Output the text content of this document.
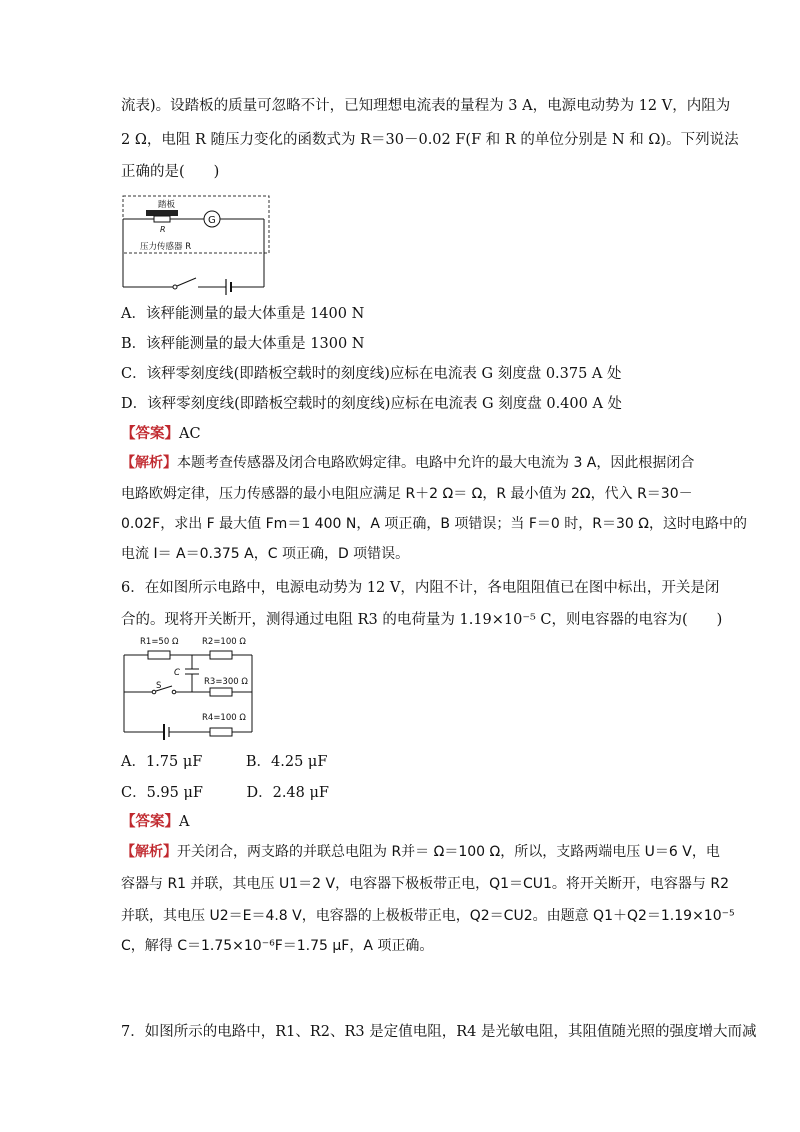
流表)。设踏板的质量可忽略不计，已知理想电流表的量程为 3 A，电源电动势为 12 V，内阻为
2 Ω，电阻 R 随压力变化的函数式为 R＝30－0.02 F(F 和 R 的单位分别是 N 和 Ω)。下列说法
正确的是(　　)
踏板
R
G
压力传感器 R
A．该秤能测量的最大体重是 1400 N
B．该秤能测量的最大体重是 1300 N
C．该秤零刻度线(即踏板空载时的刻度线)应标在电流表 G 刻度盘 0.375 A 处
D．该秤零刻度线(即踏板空载时的刻度线)应标在电流表 G 刻度盘 0.400 A 处
【答案】AC
【解析】本题考查传感器及闭合电路欧姆定律。电路中允许的最大电流为 3 A，因此根据闭合
电路欧姆定律，压力传感器的最小电阻应满足 R＋2 Ω＝ Ω，R 最小值为 2Ω，代入 R＝30－
0.02F，求出 F 最大值 Fm＝1 400 N，A 项正确，B 项错误；当 F＝0 时，R＝30 Ω，这时电路中的
电流 I＝ A＝0.375 A，C 项正确，D 项错误。
6．在如图所示电路中，电源电动势为 12 V，内阻不计，各电阻阻值已在图中标出，开关是闭
合的。现将开关断开，测得通过电阻 R3 的电荷量为 1.19×10⁻⁵ C，则电容器的电容为(　　)
R1=50 Ω	R2=100 Ω
C
R3=300 Ω
S
R4=100 Ω
A．1.75 μF　　　B．4.25 μF
C．5.95 μF　　　D．2.48 μF
【答案】A
【解析】开关闭合，两支路的并联总电阻为 R并＝ Ω＝100 Ω，所以，支路两端电压 U＝6 V，电
容器与 R1 并联，其电压 U1＝2 V，电容器下极板带正电，Q1＝CU1。将开关断开，电容器与 R2
并联，其电压 U2＝E＝4.8 V，电容器的上极板带正电，Q2＝CU2。由题意 Q1＋Q2＝1.19×10⁻⁵
C，解得 C＝1.75×10⁻⁶F＝1.75 μF，A 项正确。
7．如图所示的电路中，R1、R2、R3 是定值电阻，R4 是光敏电阻，其阻值随光照的强度增大而减
